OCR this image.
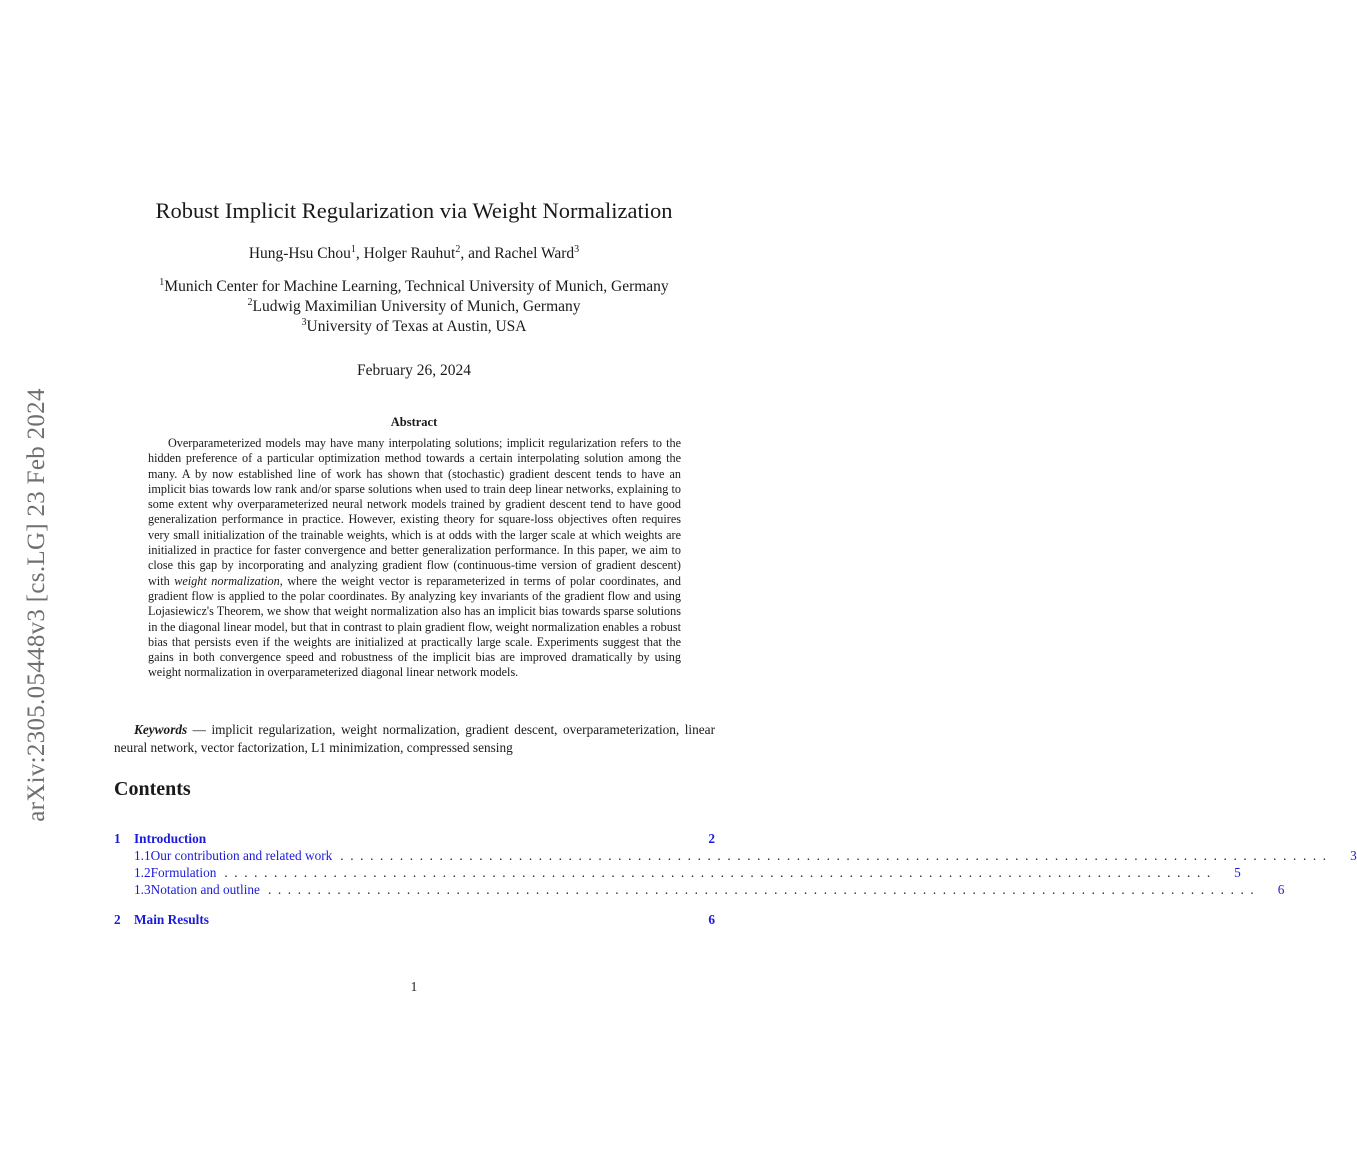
arXiv:2305.05448v3 [cs.LG] 23 Feb 2024
Robust Implicit Regularization via Weight Normalization
Hung-Hsu Chou$^1$, Holger Rauhut$^2$, and Rachel Ward$^3$
$^1$Munich Center for Machine Learning, Technical University of Munich, Germany
$^2$Ludwig Maximilian University of Munich, Germany
$^3$University of Texas at Austin, USA
February 26, 2024
Abstract
Overparameterized models may have many interpolating solutions; implicit regularization refers to the hidden preference of a particular optimization method towards a certain interpolating solution among the many. A by now established line of work has shown that (stochastic) gradient descent tends to have an implicit bias towards low rank and/or sparse solutions when used to train deep linear networks, explaining to some extent why overparameterized neural network models trained by gradient descent tend to have good generalization performance in practice. However, existing theory for square-loss objectives often requires very small initialization of the trainable weights, which is at odds with the larger scale at which weights are initialized in practice for faster convergence and better generalization performance. In this paper, we aim to close this gap by incorporating and analyzing gradient flow (continuous-time version of gradient descent) with weight normalization, where the weight vector is reparameterized in terms of polar coordinates, and gradient flow is applied to the polar coordinates. By analyzing key invariants of the gradient flow and using Lojasiewicz's Theorem, we show that weight normalization also has an implicit bias towards sparse solutions in the diagonal linear model, but that in contrast to plain gradient flow, weight normalization enables a robust bias that persists even if the weights are initialized at practically large scale. Experiments suggest that the gains in both convergence speed and robustness of the implicit bias are improved dramatically by using weight normalization in overparameterized diagonal linear network models.
Keywords — implicit regularization, weight normalization, gradient descent, overparameterization, linear neural network, vector factorization, L1 minimization, compressed sensing
Contents
1	Introduction	2
1.1 Our contribution and related work ....................................................................................................	3
1.2 Formulation ....................................................................................................	5
1.3 Notation and outline ....................................................................................................	6
2	Main Results	6
1
